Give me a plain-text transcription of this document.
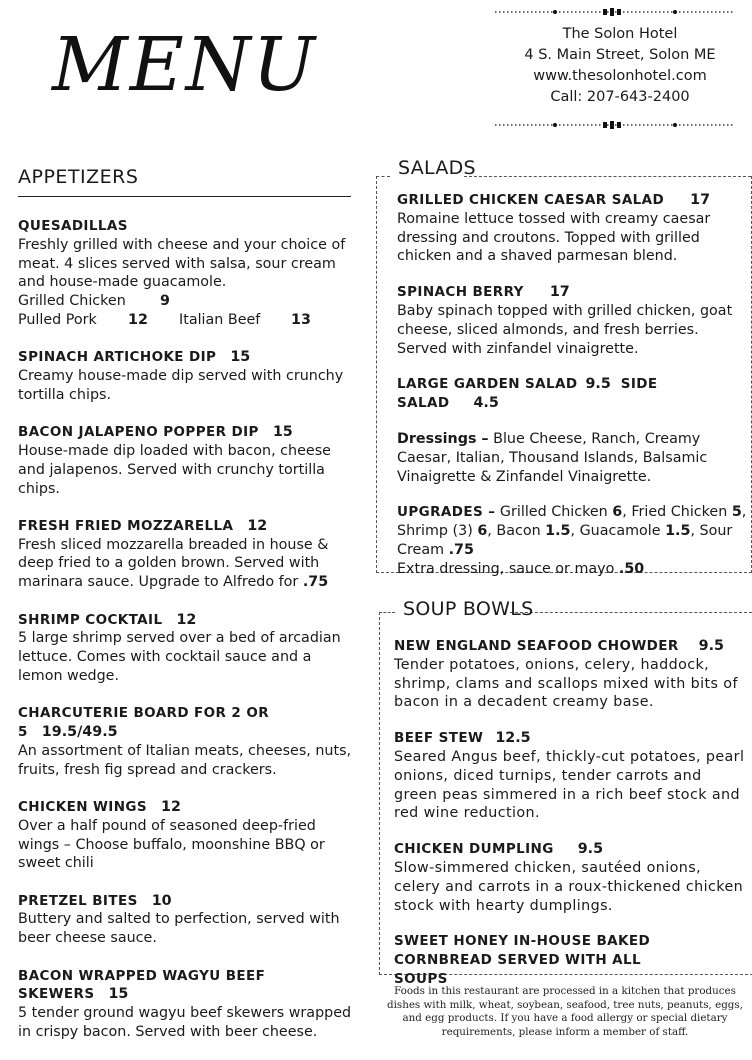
MENU	The Solon Hotel
4 S. Main Street, Solon ME
www.thesolonhotel.com
Call: 207-643-2400
APPETIZERS
QUESADILLAS
Freshly grilled with cheese and your choice of meat. 4 slices served with salsa, sour cream and house-made guacamole.
Grilled Chicken	9
Pulled Pork	12	Italian Beef	13
SPINACH ARTICHOKE DIP 15
Creamy house-made dip served with crunchy tortilla chips.
BACON JALAPENO POPPER DIP 15
House-made dip loaded with bacon, cheese and jalapenos. Served with crunchy tortilla chips.
FRESH FRIED MOZZARELLA 12
Fresh sliced mozzarella breaded in house & deep fried to a golden brown. Served with marinara sauce. Upgrade to Alfredo for .75
SHRIMP COCKTAIL 12
5 large shrimp served over a bed of arcadian lettuce. Comes with cocktail sauce and a lemon wedge.
CHARCUTERIE BOARD FOR 2 OR 5 19.5/49.5
An assortment of Italian meats, cheeses, nuts, fruits, fresh fig spread and crackers.
CHICKEN WINGS 12
Over a half pound of seasoned deep-fried wings – Choose buffalo, moonshine BBQ or sweet chili
PRETZEL BITES 10
Buttery and salted to perfection, served with beer cheese sauce.
BACON WRAPPED WAGYU BEEF SKEWERS 15
5 tender ground wagyu beef skewers wrapped in crispy bacon. Served with beer cheese.
SALADS
GRILLED CHICKEN CAESAR SALAD 17
Romaine lettuce tossed with creamy caesar dressing and croutons. Topped with grilled chicken and a shaved parmesan blend.
SPINACH BERRY 17
Baby spinach topped with grilled chicken, goat cheese, sliced almonds, and fresh berries. Served with zinfandel vinaigrette.
LARGE GARDEN SALAD 9.5 SIDE SALAD 4.5
Dressings – Blue Cheese, Ranch, Creamy Caesar, Italian, Thousand Islands, Balsamic Vinaigrette & Zinfandel Vinaigrette.
UPGRADES – Grilled Chicken 6, Fried Chicken 5, Shrimp (3) 6, Bacon 1.5, Guacamole 1.5, Sour Cream .75
Extra dressing, sauce or mayo .50
SOUP BOWLS
NEW ENGLAND SEAFOOD CHOWDER 9.5
Tender potatoes, onions, celery, haddock, shrimp, clams and scallops mixed with bits of bacon in a decadent creamy base.
BEEF STEW 12.5
Seared Angus beef, thickly-cut potatoes, pearl onions, diced turnips, tender carrots and green peas simmered in a rich beef stock and red wine reduction.
CHICKEN DUMPLING 9.5
Slow-simmered chicken, sautéed onions, celery and carrots in a roux-thickened chicken stock with hearty dumplings.
SWEET HONEY IN-HOUSE BAKED CORNBREAD SERVED WITH ALL SOUPS
Foods in this restaurant are processed in a kitchen that produces dishes with milk, wheat, soybean, seafood, tree nuts, peanuts, eggs, and egg products. If you have a food allergy or special dietary requirements, please inform a member of staff.
